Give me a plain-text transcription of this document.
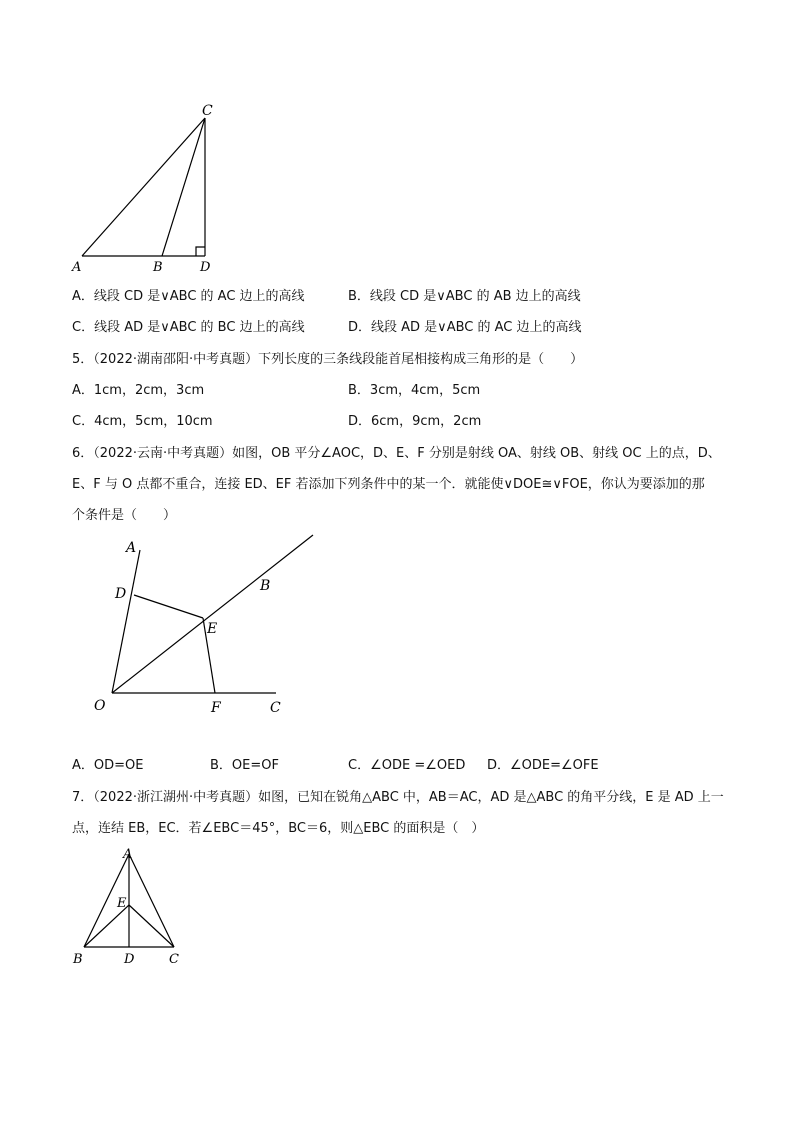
C
A	B	D
A．线段 CD 是∨ABC 的 AC 边上的高线	B．线段 CD 是∨ABC 的 AB 边上的高线
C．线段 AD 是∨ABC 的 BC 边上的高线	D．线段 AD 是∨ABC 的 AC 边上的高线
5．（2022·湖南邵阳·中考真题）下列长度的三条线段能首尾相接构成三角形的是（　　）
A．1cm，2cm，3cm	B．3cm，4cm，5cm
C．4cm，5cm，10cm	D．6cm，9cm，2cm
6．（2022·云南·中考真题）如图，OB 平分∠AOC，D、E、F 分别是射线 OA、射线 OB、射线 OC 上的点，D、
E、F 与 O 点都不重合，连接 ED、EF 若添加下列条件中的某一个．就能使∨DOE≅∨FOE，你认为要添加的那
个条件是（　　）
A
D	B
E
O	F	C
A．OD=OE	B．OE=OF	C．∠ODE =∠OED D．∠ODE=∠OFE
7．（2022·浙江湖州·中考真题）如图，已知在锐角△ABC 中，AB＝AC，AD 是△ABC 的角平分线，E 是 AD 上一
点，连结 EB，EC．若∠EBC＝45°，BC＝6，则△EBC 的面积是（　）
A
E
B	D	C
